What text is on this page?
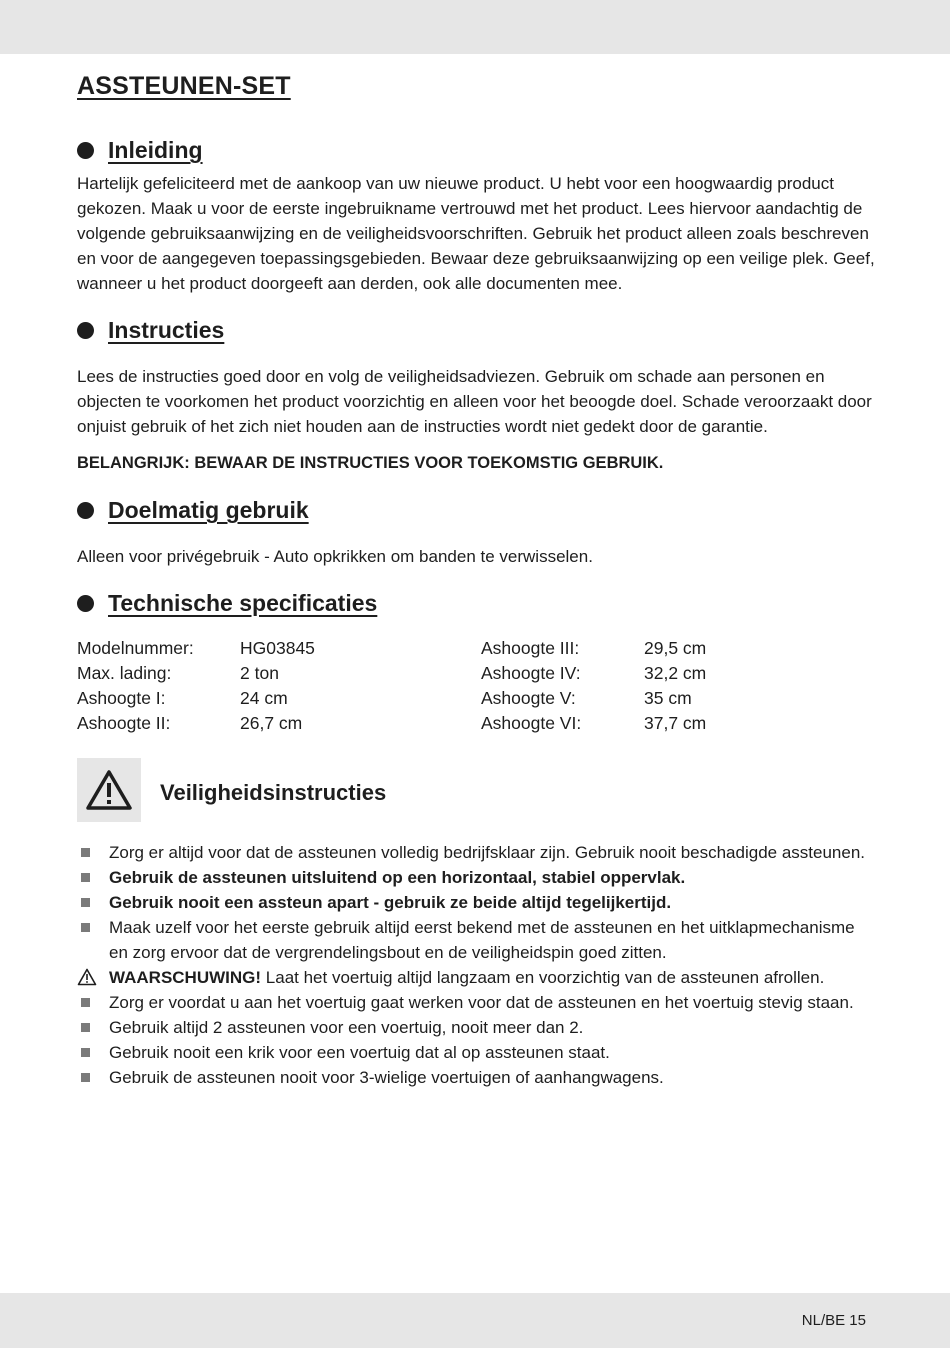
ASSTEUNEN-SET
Inleiding

Hartelijk gefeliciteerd met de aankoop van uw nieuwe product. U hebt voor een hoogwaardig product gekozen. Maak u voor de eerste ingebruikname vertrouwd met het product. Lees hiervoor aandachtig de volgende gebruiksaanwijzing en de veiligheidsvoorschriften. Gebruik het product alleen zoals beschreven en voor de aangegeven toepassingsgebieden. Bewaar deze gebruiksaanwijzing op een veilige plek. Geef, wanneer u het product doorgeeft aan derden, ook alle documenten mee.

Instructies

Lees de instructies goed door en volg de veiligheidsadviezen. Gebruik om schade aan personen en objecten te voorkomen het product voorzichtig en alleen voor het beoogde doel. Schade veroorzaakt door onjuist gebruik of het zich niet houden aan de instructies wordt niet gedekt door de garantie.

BELANGRIJK: BEWAAR DE INSTRUCTIES VOOR TOEKOMSTIG GEBRUIK.

Doelmatig gebruik

Alleen voor privégebruik - Auto opkrikken om banden te verwisselen.

Technische specificaties
Modelnummer:	HG03845
Max. lading:	2 ton
Ashoogte I:	24 cm
Ashoogte II:	26,7 cm
Ashoogte III:	29,5 cm
Ashoogte IV:	32,2 cm
Ashoogte V:	35 cm
Ashoogte VI:	37,7 cm
Veiligheidsinstructies
Zorg er altijd voor dat de assteunen volledig bedrijfsklaar zijn. Gebruik nooit beschadigde assteunen.
Gebruik de assteunen uitsluitend op een horizontaal, stabiel oppervlak.
Gebruik nooit een assteun apart - gebruik ze beide altijd tegelijkertijd.
Maak uzelf voor het eerste gebruik altijd eerst bekend met de assteunen en het uitklapmechanisme en zorg ervoor dat de vergrendelingsbout en de veiligheidspin goed zitten.
WAARSCHUWING! Laat het voertuig altijd langzaam en voorzichtig van de assteunen afrollen.
Zorg er voordat u aan het voertuig gaat werken voor dat de assteunen en het voertuig stevig staan.
Gebruik altijd 2 assteunen voor een voertuig, nooit meer dan 2.
Gebruik nooit een krik voor een voertuig dat al op assteunen staat.
Gebruik de assteunen nooit voor 3-wielige voertuigen of aanhangwagens.
NL/BE 15
